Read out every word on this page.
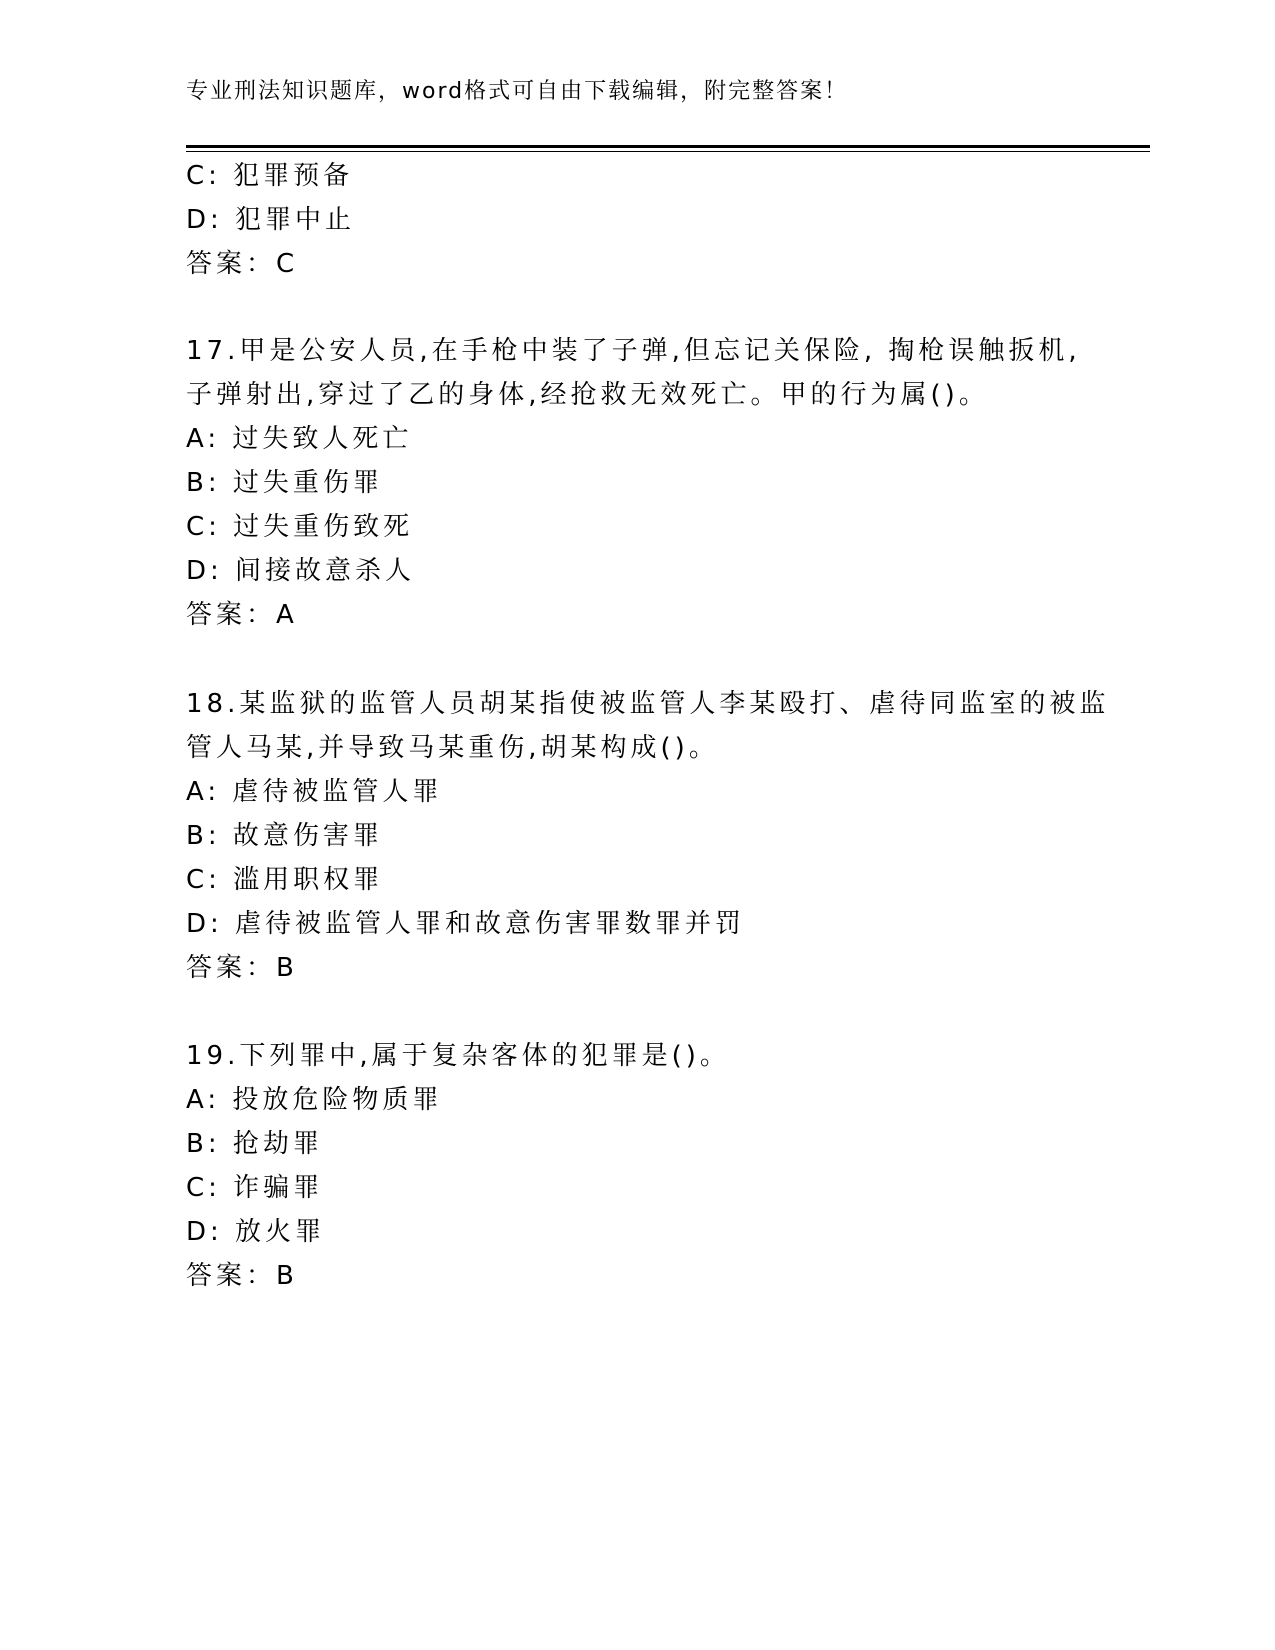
专业刑法知识题库，word格式可自由下载编辑，附完整答案！
C: 犯罪预备
D: 犯罪中止
答案：C
17.甲是公安人员,在手枪中装了子弹,但忘记关保险, 掏枪误触扳机,
子弹射出,穿过了乙的身体,经抢救无效死亡。甲的行为属()。
A: 过失致人死亡
B: 过失重伤罪
C: 过失重伤致死
D: 间接故意杀人
答案：A
18.某监狱的监管人员胡某指使被监管人李某殴打、虐待同监室的被监
管人马某,并导致马某重伤,胡某构成()。
A: 虐待被监管人罪
B: 故意伤害罪
C: 滥用职权罪
D: 虐待被监管人罪和故意伤害罪数罪并罚
答案：B
19.下列罪中,属于复杂客体的犯罪是()。
A: 投放危险物质罪
B: 抢劫罪
C: 诈骗罪
D: 放火罪
答案：B
